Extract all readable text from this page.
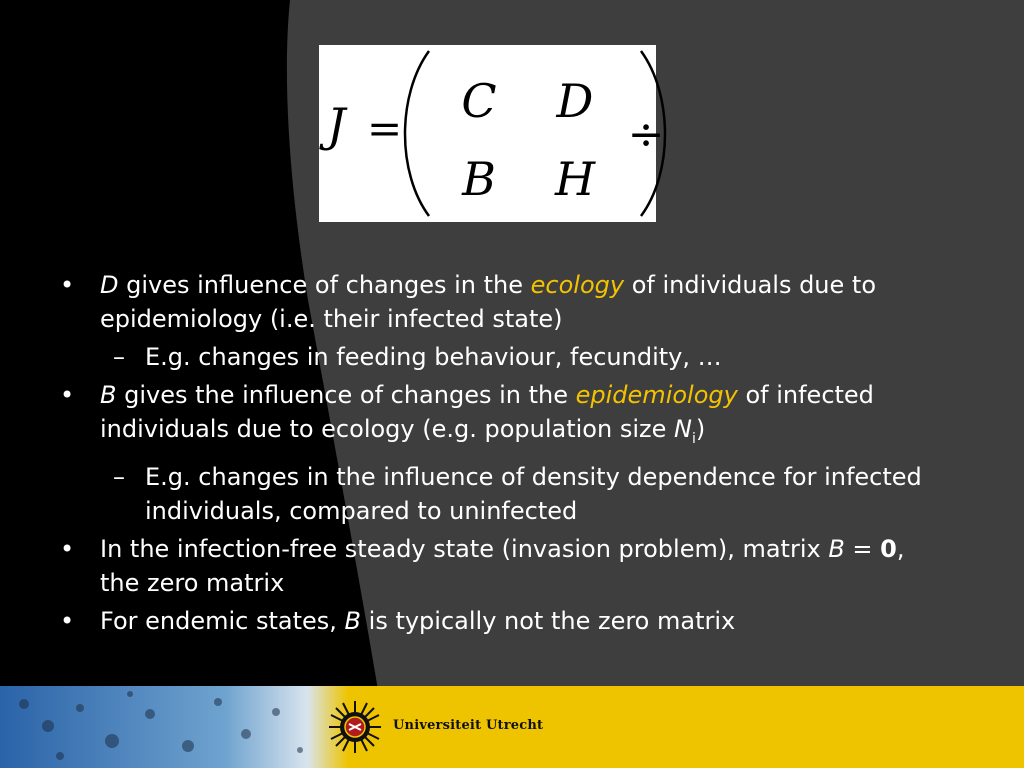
J =
C D
B H
÷
• D gives influence of changes in the ecology of individuals due to epidemiology (i.e. their infected state)
– E.g. changes in feeding behaviour, fecundity, …
• B gives the influence of changes in the epidemiology of infected individuals due to ecology (e.g. population size $N_i$)
– E.g. changes in the influence of density dependence for infected individuals, compared to uninfected
• In the infection-free steady state (invasion problem), matrix B = 0, the zero matrix
• For endemic states, B is typically not the zero matrix
Universiteit Utrecht
